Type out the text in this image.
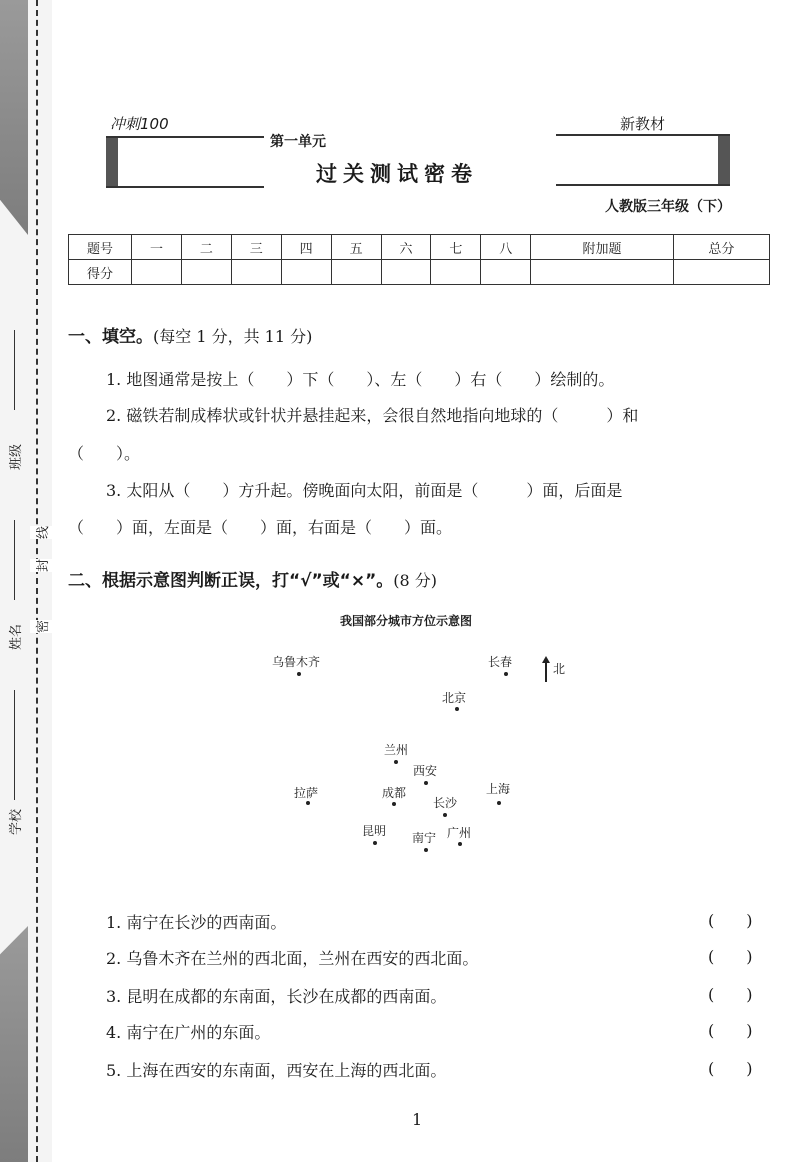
班级
姓名
学校
密
封
线
冲刺100	新教材
第一单元
过关测试密卷
人教版三年级（下）
题号	一	二	三	四	五	六	七	八	附加题	总分
得分										
一、填空。(每空 1 分，共 11 分)
1. 地图通常是按上（　　）下（　　）、左（　　）右（　　）绘制的。
2. 磁铁若制成棒状或针状并悬挂起来，会很自然地指向地球的（　　　）和
（　　）。
3. 太阳从（　　）方升起。傍晚面向太阳，前面是（　　　）面，后面是
（　　）面，左面是（　　）面，右面是（　　）面。
二、根据示意图判断正误，打“√”或“×”。(8 分)
我国部分城市方位示意图
北
乌鲁木齐	长春
北京
兰州
西安
拉萨	成都	上海
长沙
昆明 南宁 广州
1. 南宁在长沙的西南面。	(　　)
2. 乌鲁木齐在兰州的西北面，兰州在西安的西北面。	(　　)
3. 昆明在成都的东南面，长沙在成都的西南面。	(　　)
4. 南宁在广州的东面。	(　　)
5. 上海在西安的东南面，西安在上海的西北面。	(　　)
1
